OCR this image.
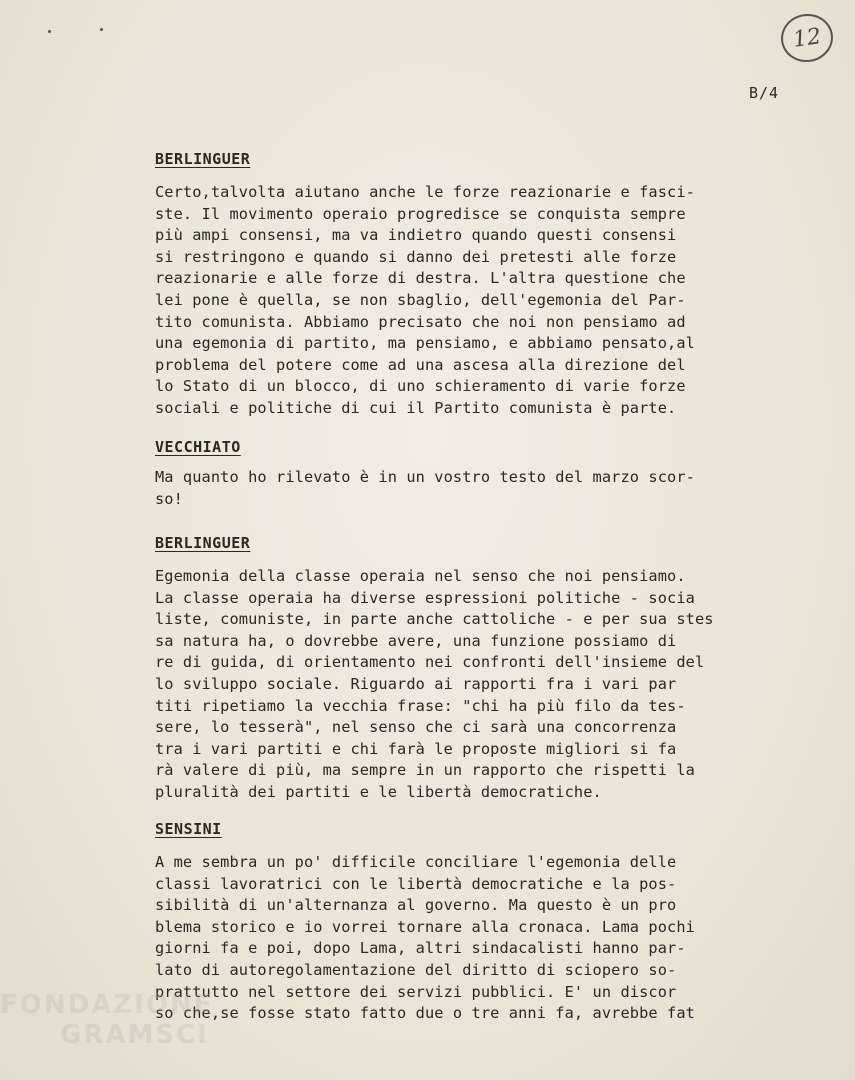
12
B/4
BERLINGUER
Certo,talvolta aiutano anche le forze reazionarie e fasci-
ste. Il movimento operaio progredisce se conquista sempre
più ampi consensi, ma va indietro quando questi consensi
si restringono e quando si danno dei pretesti alle forze
reazionarie e alle forze di destra. L'altra questione che
lei pone è quella, se non sbaglio, dell'egemonia del Par-
tito comunista. Abbiamo precisato che noi non pensiamo ad
una egemonia di partito, ma pensiamo, e abbiamo pensato,al
problema del potere come ad una ascesa alla direzione del
lo Stato di un blocco, di uno schieramento di varie forze
sociali e politiche di cui il Partito comunista è parte.
VECCHIATO
Ma quanto ho rilevato è in un vostro testo del marzo scor-
so!
BERLINGUER
Egemonia della classe operaia nel senso che noi pensiamo.
La classe operaia ha diverse espressioni politiche - socia
liste, comuniste, in parte anche cattoliche - e per sua stes
sa natura ha, o dovrebbe avere, una funzione possiamo di
re di guida, di orientamento nei confronti dell'insieme del
lo sviluppo sociale. Riguardo ai rapporti fra i vari par
titi ripetiamo la vecchia frase: "chi ha più filo da tes-
sere, lo tesserà", nel senso che ci sarà una concorrenza
tra i vari partiti e chi farà le proposte migliori si fa
rà valere di più, ma sempre in un rapporto che rispetti la
pluralità dei partiti e le libertà democratiche.
SENSINI
A me sembra un po' difficile conciliare l'egemonia delle
classi lavoratrici con le libertà democratiche e la pos-
sibilità di un'alternanza al governo. Ma questo è un pro
blema storico e io vorrei tornare alla cronaca. Lama pochi
giorni fa e poi, dopo Lama, altri sindacalisti hanno par-
lato di autoregolamentazione del diritto di sciopero so-
prattutto nel settore dei servizi pubblici. E' un discor
so che,se fosse stato fatto due o tre anni fa, avrebbe fat
FONDAZIONE
GRAMSCI
